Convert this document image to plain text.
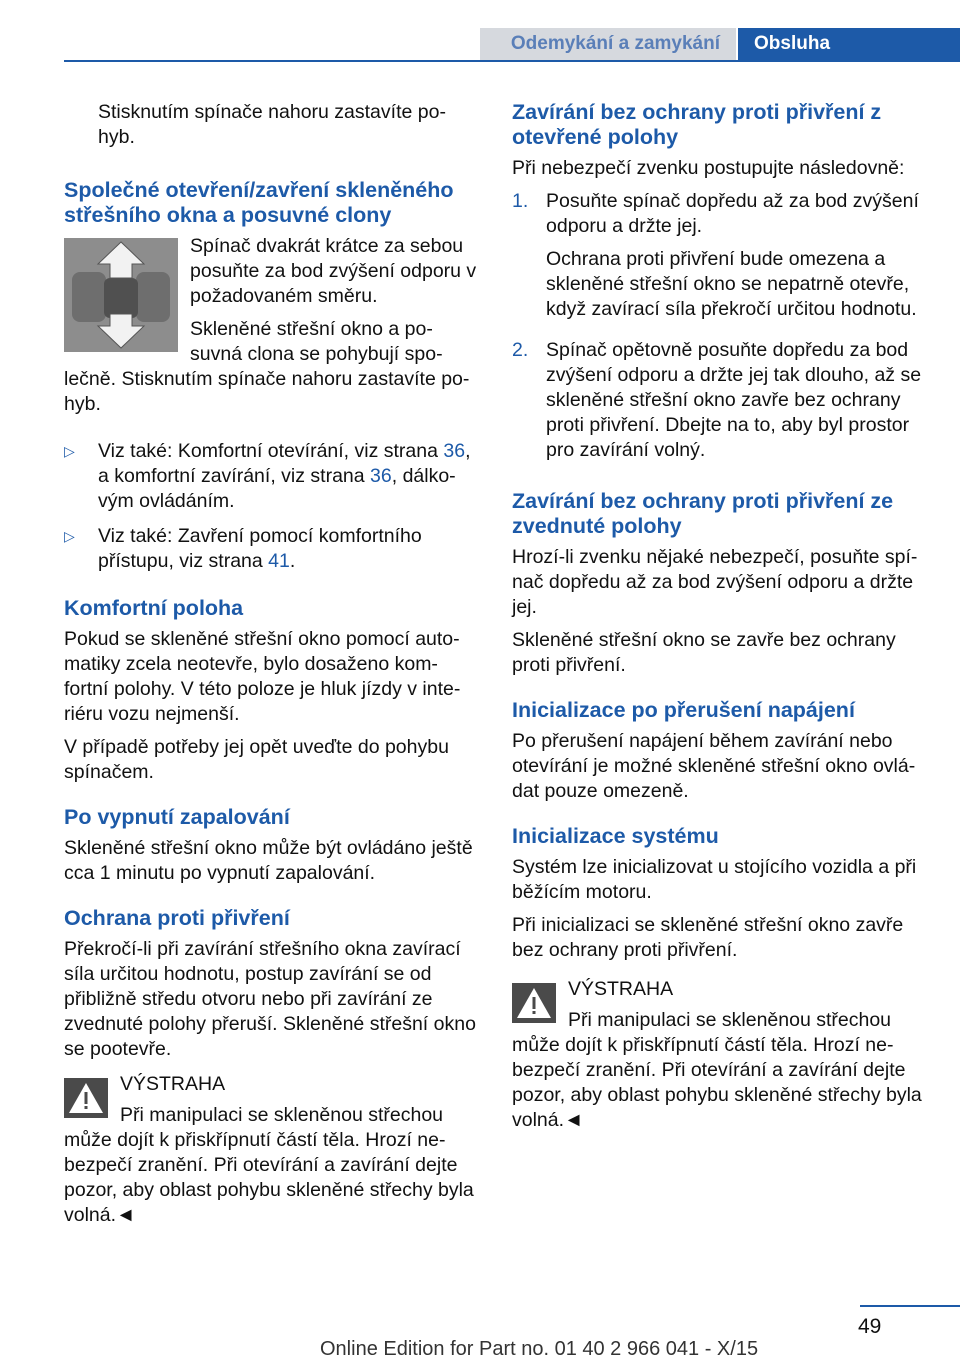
Odemykání a zamykání	Obsluha

Stisknutím spínače nahoru zastavíte po-hyb.

Společné otevření/zavření skleněného střešního okna a posuvné clony

Spínač dvakrát krátce za sebou posuňte za bod zvýšení odporu v požadovaném směru.

Skleněné střešní okno a po-suvná clona se pohybují spo-lečně. Stisknutím spínače nahoru zastavíte po-hyb.

▷	Viz také: Komfortní otevírání, viz strana 36, a komfortní zavírání, viz strana 36, dálko-vým ovládáním.
▷	Viz také: Zavření pomocí komfortního přístupu, viz strana 41.
Komfortní poloha

Pokud se skleněné střešní okno pomocí auto-matiky zcela neotevře, bylo dosaženo kom-fortní polohy. V této poloze je hluk jízdy v inte-riéru vozu nejmenší.

V případě potřeby jej opět uveďte do pohybu spínačem.

Po vypnutí zapalování

Skleněné střešní okno může být ovládáno ještě cca 1 minutu po vypnutí zapalování.

Ochrana proti přivření

Překročí-li při zavírání střešního okna zavírací síla určitou hodnotu, postup zavírání se od přibližně středu otvoru nebo při zavírání ze zvednuté polohy přeruší. Skleněné střešní okno se pootevře.

VÝSTRAHA

Při manipulaci se skleněnou střechou může dojít k přiskřípnutí částí těla. Hrozí ne-bezpečí zranění. Při otevírání a zavírání dejte pozor, aby oblast pohybu skleněné střechy byla volná.◄

Zavírání bez ochrany proti přivření z otevřené polohy

Při nebezpečí zvenku postupujte následovně:

1. Posuňte spínač dopředu až za bod zvýšení odporu a držte jej.

Ochrana proti přivření bude omezena a skleněné střešní okno se nepatrně otevře, když zavírací síla překročí určitou hodnotu.

2. Spínač opětovně posuňte dopředu za bod zvýšení odporu a držte jej tak dlouho, až se skleněné střešní okno zavře bez ochrany proti přivření. Dbejte na to, aby byl prostor pro zavírání volný.

Zavírání bez ochrany proti přivření ze zvednuté polohy

Hrozí-li zvenku nějaké nebezpečí, posuňte spí-nač dopředu až za bod zvýšení odporu a držte jej.

Skleněné střešní okno se zavře bez ochrany proti přivření.

Inicializace po přerušení napájení

Po přerušení napájení během zavírání nebo otevírání je možné skleněné střešní okno ovlá-dat pouze omezeně.

Inicializace systému

Systém lze inicializovat u stojícího vozidla a při běžícím motoru.

Při inicializaci se skleněné střešní okno zavře bez ochrany proti přivření.

VÝSTRAHA

Při manipulaci se skleněnou střechou může dojít k přiskřípnutí částí těla. Hrozí ne-bezpečí zranění. Při otevírání a zavírání dejte pozor, aby oblast pohybu skleněné střechy byla volná.◄

49
Online Edition for Part no. 01 40 2 966 041 - X/15
